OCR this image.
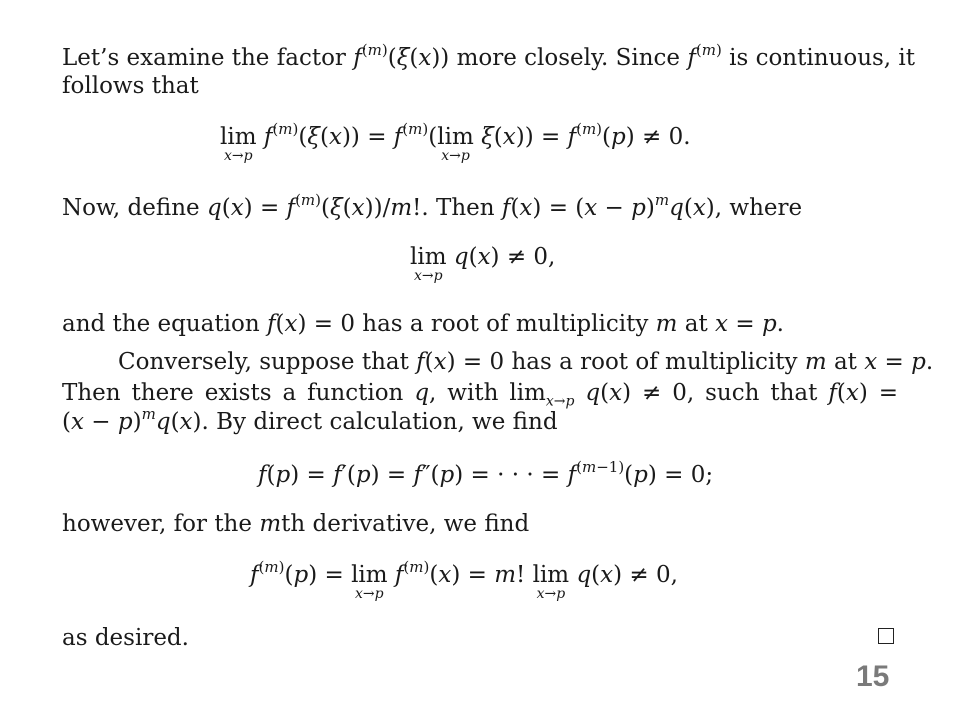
Let’s examine the factor $f^{(m)}(\xi(x))$ more closely. Since $f^{(m)}$ is continuous, it
follows that
lim
x→p
$f^{(m)}(\xi(x)) = f^{(m)}(\lim$
x→p
$\xi(x)) = f^{(m)}(p) \ne 0$.
Now, define $q(x) = f^{(m)}(\xi(x))/m$!. Then $f(x) = (x - p)^mq(x)$, where
lim
x→p
q(x) ≠ 0,
and the equation f(x) = 0 has a root of multiplicity m at x = p.
Conversely, suppose that f(x) = 0 has a root of multiplicity m at x = p.
Then there exists a function q, with $\lim_{x\to p} q(x) \ne 0$, such that f(x) =
$(x - p)^mq(x)$. By direct calculation, we find
f(p) = f′(p) = f″(p) = · · · = $f^{(m-1)}(p) = 0$;
however, for the mth derivative, we find
$f^{(m)}(p) = \lim$
x→p
$f^{(m)}(x) = m$! lim
x→p
q(x) ≠ 0,
as desired.
15
